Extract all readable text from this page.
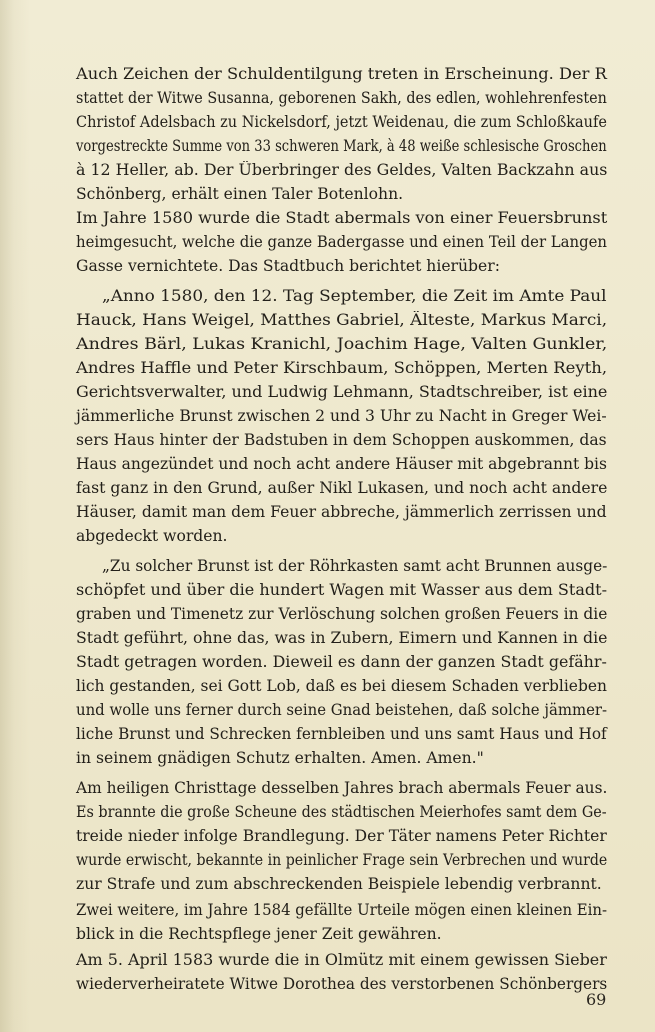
Auch Zeichen der Schuldentilgung treten in Erscheinung. Der R
stattet der Witwe Susanna, geborenen Sakh, des edlen, wohlehrenfesten
Christof Adelsbach zu Nickelsdorf, jetzt Weidenau, die zum Schloßkaufe
vorgestreckte Summe von 33 schweren Mark, à 48 weiße schlesische Groschen
à 12 Heller, ab. Der Überbringer des Geldes, Valten Backzahn aus
Schönberg, erhält einen Taler Botenlohn.
Im Jahre 1580 wurde die Stadt abermals von einer Feuersbrunst
heimgesucht, welche die ganze Badergasse und einen Teil der Langen
Gasse vernichtete. Das Stadtbuch berichtet hierüber:
„Anno 1580, den 12. Tag September, die Zeit im Amte Paul
Hauck, Hans Weigel, Matthes Gabriel, Älteste, Markus Marci,
Andres Bärl, Lukas Kranichl, Joachim Hage, Valten Gunkler,
Andres Haffle und Peter Kirschbaum, Schöppen, Merten Reyth,
Gerichtsverwalter, und Ludwig Lehmann, Stadtschreiber, ist eine
jämmerliche Brunst zwischen 2 und 3 Uhr zu Nacht in Greger Wei-
sers Haus hinter der Badstuben in dem Schoppen auskommen, das
Haus angezündet und noch acht andere Häuser mit abgebrannt bis
fast ganz in den Grund, außer Nikl Lukasen, und noch acht andere
Häuser, damit man dem Feuer abbreche, jämmerlich zerrissen und
abgedeckt worden.
„Zu solcher Brunst ist der Röhrkasten samt acht Brunnen ausge-
schöpfet und über die hundert Wagen mit Wasser aus dem Stadt-
graben und Timenetz zur Verlöschung solchen großen Feuers in die
Stadt geführt, ohne das, was in Zubern, Eimern und Kannen in die
Stadt getragen worden. Dieweil es dann der ganzen Stadt gefähr-
lich gestanden, sei Gott Lob, daß es bei diesem Schaden verblieben
und wolle uns ferner durch seine Gnad beistehen, daß solche jämmer-
liche Brunst und Schrecken fernbleiben und uns samt Haus und Hof
in seinem gnädigen Schutz erhalten. Amen. Amen."
Am heiligen Christtage desselben Jahres brach abermals Feuer aus.
Es brannte die große Scheune des städtischen Meierhofes samt dem Ge-
treide nieder infolge Brandlegung. Der Täter namens Peter Richter
wurde erwischt, bekannte in peinlicher Frage sein Verbrechen und wurde
zur Strafe und zum abschreckenden Beispiele lebendig verbrannt.
Zwei weitere, im Jahre 1584 gefällte Urteile mögen einen kleinen Ein-
blick in die Rechtspflege jener Zeit gewähren.
Am 5. April 1583 wurde die in Olmütz mit einem gewissen Sieber
wiederverheiratete Witwe Dorothea des verstorbenen Schönbergers
69
